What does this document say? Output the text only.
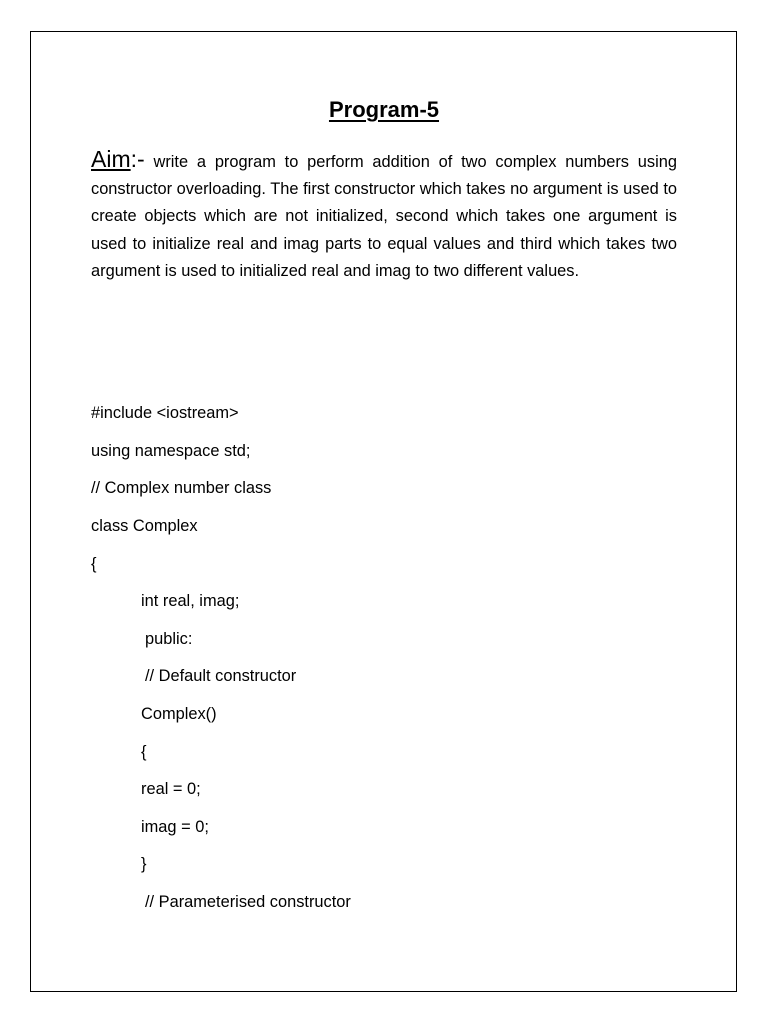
Program-5
Aim:- write a program to perform addition of two complex numbers using constructor overloading. The first constructor which takes no argument is used to create objects which are not initialized, second which takes one argument is used to initialize real and imag parts to equal values and third which takes two argument is used to initialized real and imag to two different values.
#include <iostream>
using namespace std;
// Complex number class
class Complex
{
int real, imag;
public:
// Default constructor
Complex()
{
real = 0;
imag = 0;
}
// Parameterised constructor
